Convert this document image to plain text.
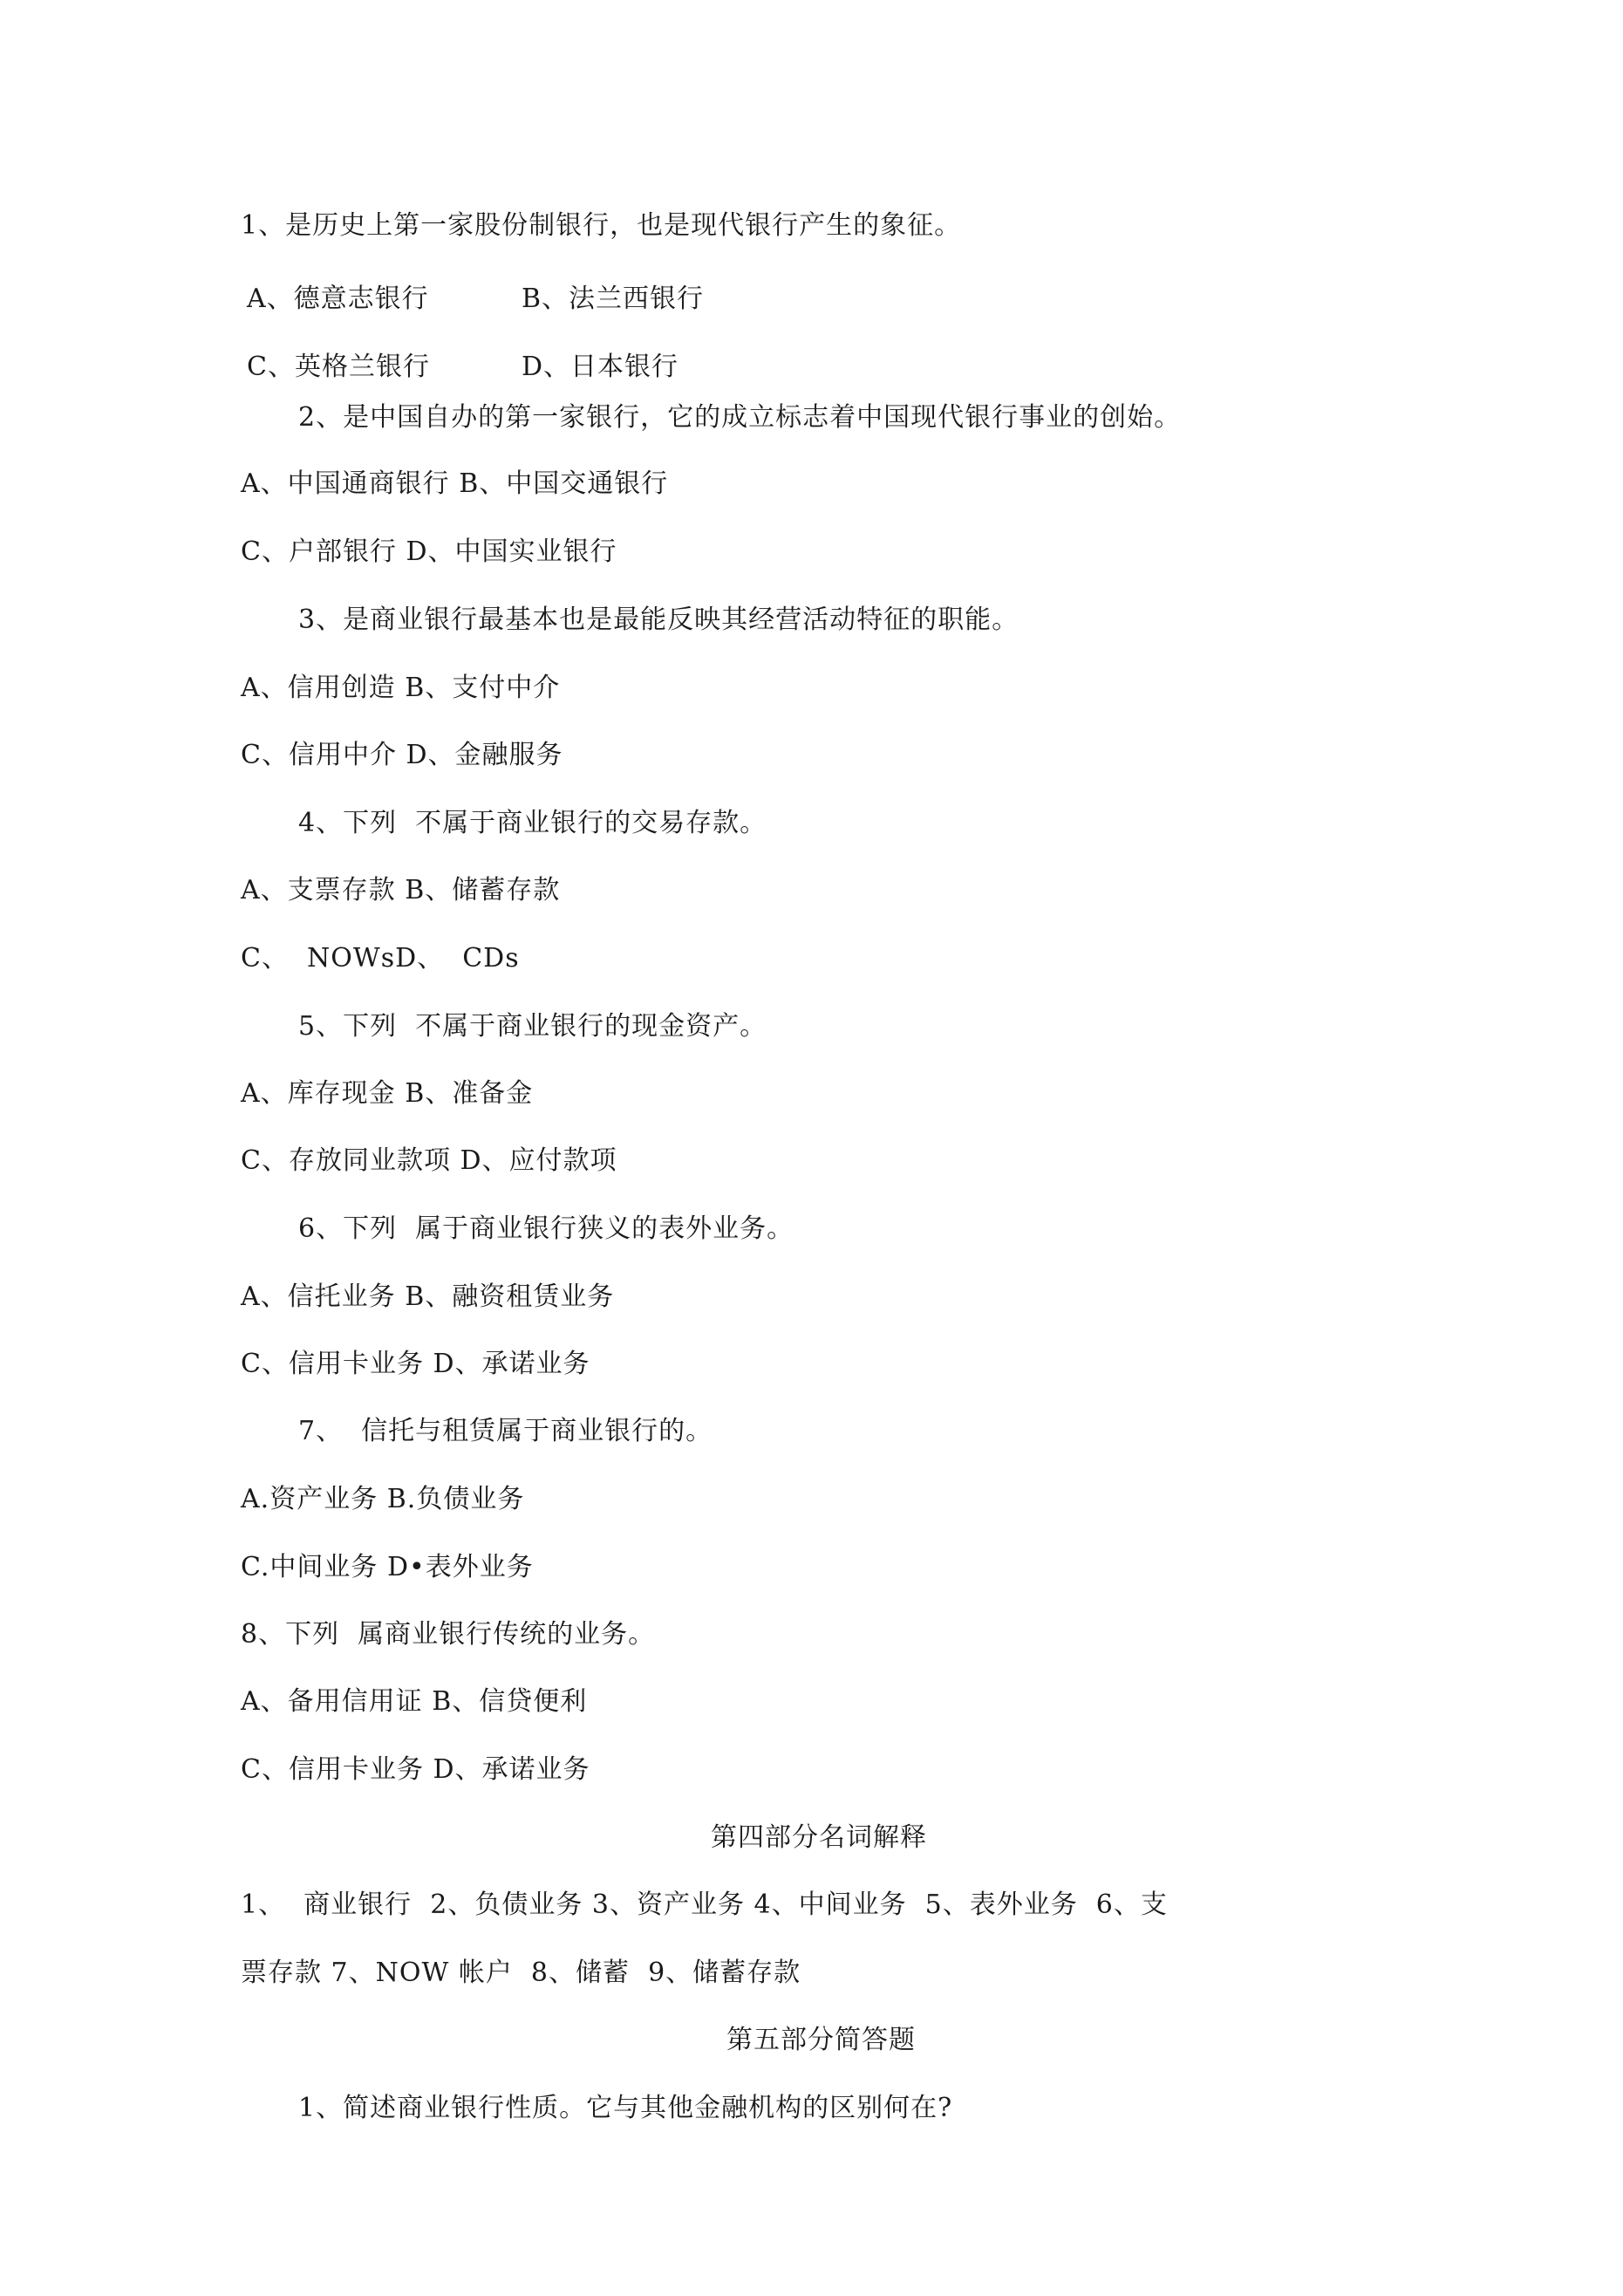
1、是历史上第一家股份制银行，也是现代银行产生的象征。
A、德意志银行	B、法兰西银行
C、英格兰银行	D、日本银行
2、是中国自办的第一家银行，它的成立标志着中国现代银行事业的创始。
A、中国通商银行 B、中国交通银行
C、户部银行 D、中国实业银行
3、是商业银行最基本也是最能反映其经营活动特征的职能。
A、信用创造 B、支付中介
C、信用中介 D、金融服务
4、下列  不属于商业银行的交易存款。
A、支票存款 B、储蓄存款
C、  NOWsD、  CDs
5、下列  不属于商业银行的现金资产。
A、库存现金 B、准备金
C、存放同业款项 D、应付款项
6、下列  属于商业银行狭义的表外业务。
A、信托业务 B、融资租赁业务
C、信用卡业务 D、承诺业务
7、  信托与租赁属于商业银行的。
A.资产业务 B.负债业务
C.中间业务 D•表外业务
8、下列  属商业银行传统的业务。
A、备用信用证 B、信贷便利
C、信用卡业务 D、承诺业务
第四部分名词解释
1、  商业银行  2、负债业务 3、资产业务 4、中间业务  5、表外业务  6、支
票存款 7、NOW 帐户  8、储蓄  9、储蓄存款
第五部分简答题
1、简述商业银行性质。它与其他金融机构的区别何在?
